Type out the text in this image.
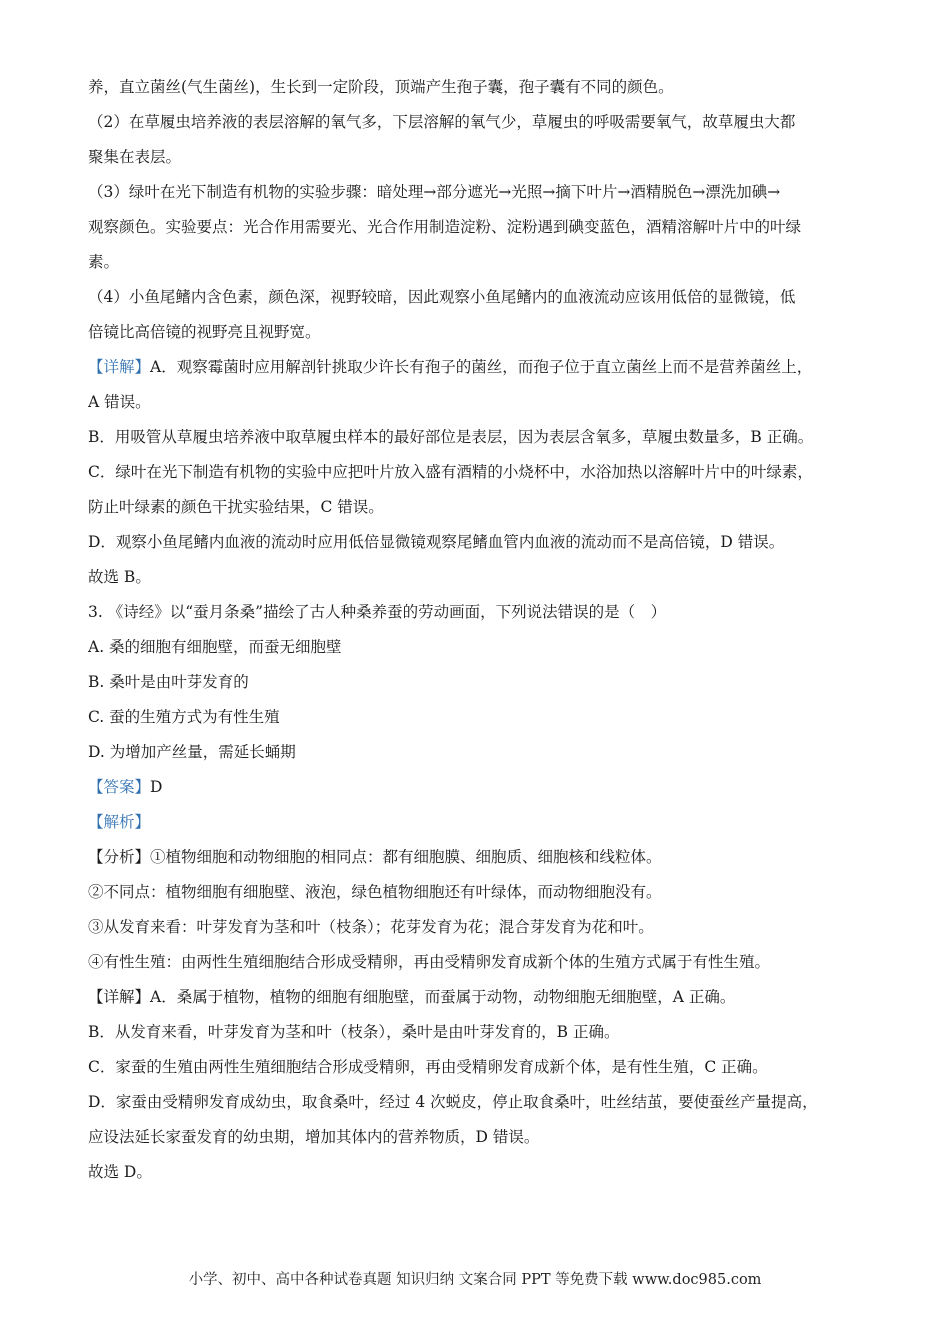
养，直立菌丝(气生菌丝)，生长到一定阶段，顶端产生孢子囊，孢子囊有不同的颜色。
（2）在草履虫培养液的表层溶解的氧气多，下层溶解的氧气少，草履虫的呼吸需要氧气，故草履虫大都
聚集在表层。
（3）绿叶在光下制造有机物的实验步骤：暗处理→部分遮光→光照→摘下叶片→酒精脱色→漂洗加碘→
观察颜色。实验要点：光合作用需要光、光合作用制造淀粉、淀粉遇到碘变蓝色，酒精溶解叶片中的叶绿
素。
（4）小鱼尾鳍内含色素，颜色深，视野较暗，因此观察小鱼尾鳍内的血液流动应该用低倍的显微镜，低
倍镜比高倍镜的视野亮且视野宽。
【详解】A．观察霉菌时应用解剖针挑取少许长有孢子的菌丝，而孢子位于直立菌丝上而不是营养菌丝上，
A 错误。
B．用吸管从草履虫培养液中取草履虫样本的最好部位是表层，因为表层含氧多，草履虫数量多，B 正确。
C．绿叶在光下制造有机物的实验中应把叶片放入盛有酒精的小烧杯中，水浴加热以溶解叶片中的叶绿素，
防止叶绿素的颜色干扰实验结果，C 错误。
D．观察小鱼尾鳍内血液的流动时应用低倍显微镜观察尾鳍血管内血液的流动而不是高倍镜，D 错误。
故选 B。
3. 《诗经》以“蚕月条桑”描绘了古人种桑养蚕的劳动画面，下列说法错误的是（　）
A. 桑的细胞有细胞壁，而蚕无细胞壁
B. 桑叶是由叶芽发育的
C. 蚕的生殖方式为有性生殖
D. 为增加产丝量，需延长蛹期
【答案】D
【解析】
【分析】①植物细胞和动物细胞的相同点：都有细胞膜、细胞质、细胞核和线粒体。
②不同点：植物细胞有细胞壁、液泡，绿色植物细胞还有叶绿体，而动物细胞没有。
③从发育来看：叶芽发育为茎和叶（枝条）；花芽发育为花；混合芽发育为花和叶。
④有性生殖：由两性生殖细胞结合形成受精卵，再由受精卵发育成新个体的生殖方式属于有性生殖。
【详解】A．桑属于植物，植物的细胞有细胞壁，而蚕属于动物，动物细胞无细胞壁，A 正确。
B．从发育来看，叶芽发育为茎和叶（枝条），桑叶是由叶芽发育的，B 正确。
C．家蚕的生殖由两性生殖细胞结合形成受精卵，再由受精卵发育成新个体，是有性生殖，C 正确。
D．家蚕由受精卵发育成幼虫，取食桑叶，经过 4 次蜕皮，停止取食桑叶，吐丝结茧，要使蚕丝产量提高，
应设法延长家蚕发育的幼虫期，增加其体内的营养物质，D 错误。
故选 D。
小学、初中、高中各种试卷真题 知识归纳 文案合同 PPT 等免费下载 www.doc985.com
